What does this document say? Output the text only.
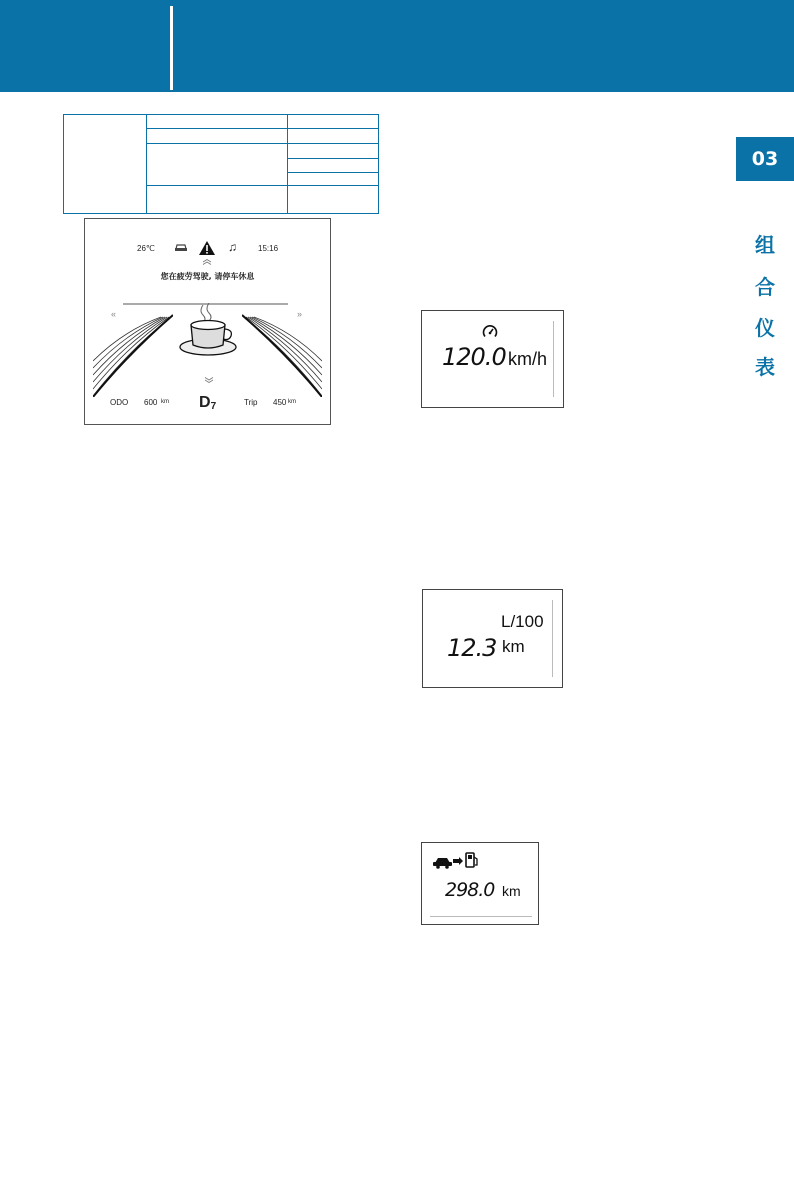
26℃	♫	15:16
您在疲劳驾驶, 请停车休息
«	»
ODO 600 km $D_7$	Trip 450 km
120.0 km/h
L/100
12.3 km
298.0 km
03
组
合
仪
表
